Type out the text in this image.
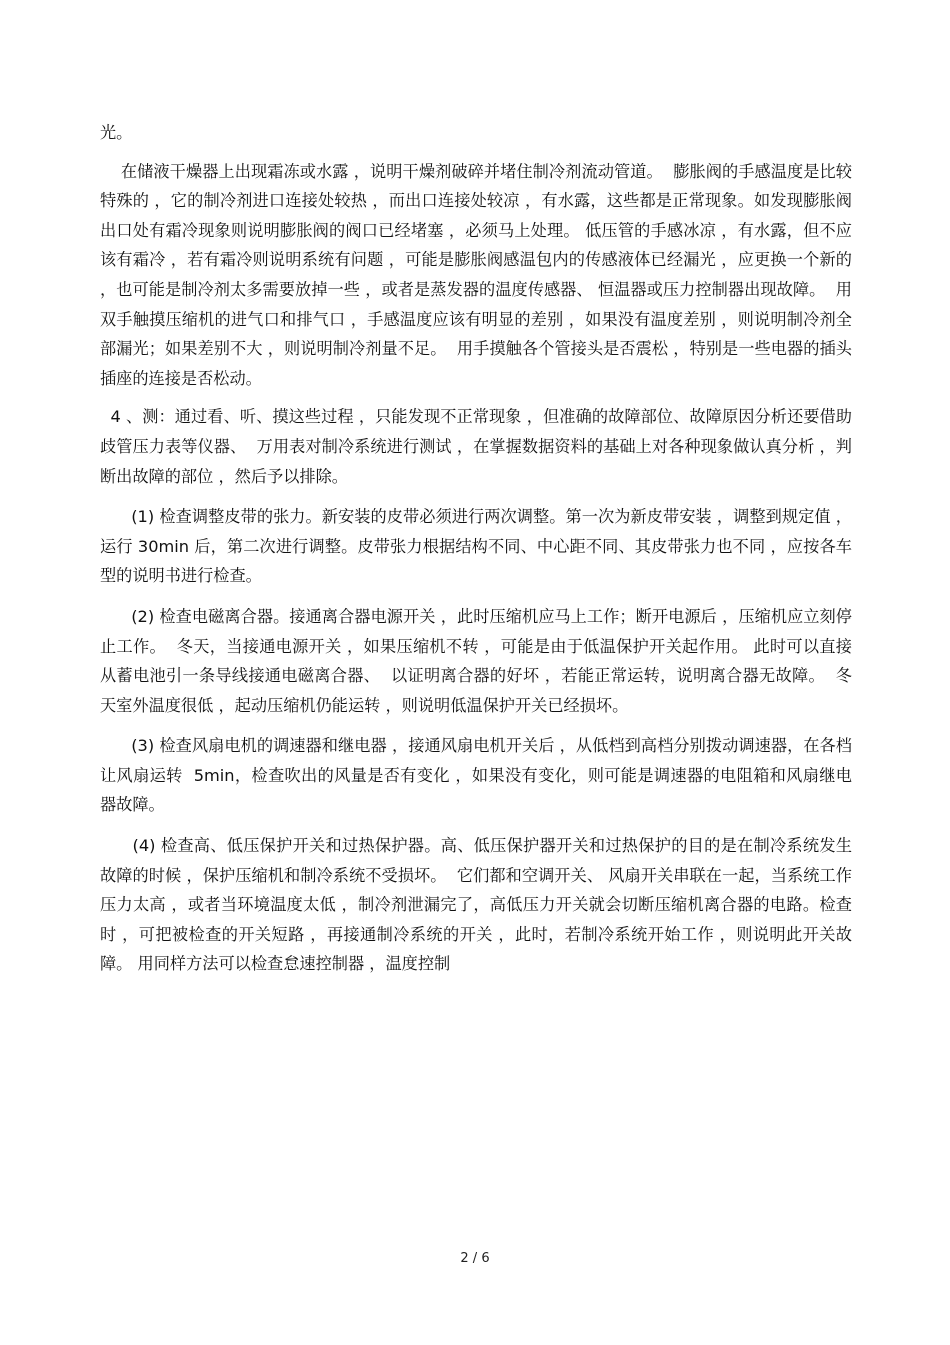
光。

在储液干燥器上出现霜冻或水露 ，说明干燥剂破碎并堵住制冷剂流动管道。  膨胀阀的手感温度是比较特殊的 ，它的制冷剂进口连接处较热 ，而出口连接处较凉 ，有水露，这些都是正常现象。如发现膨胀阀出口处有霜冷现象则说明膨胀阀的阀口已经堵塞 ，必须马上处理。 低压管的手感冰凉 ，有水露，但不应该有霜冷 ，若有霜冷则说明系统有问题 ，可能是膨胀阀感温包内的传感液体已经漏光 ，应更换一个新的 ，也可能是制冷剂太多需要放掉一些 ，或者是蒸发器的温度传感器、 恒温器或压力控制器出现故障。  用双手触摸压缩机的进气口和排气口 ，手感温度应该有明显的差别 ，如果没有温度差别 ，则说明制冷剂全部漏光；如果差别不大 ，则说明制冷剂量不足。  用手摸触各个管接头是否震松 ，特别是一些电器的插头插座的连接是否松动。

4 、测：通过看、听、摸这些过程 ，只能发现不正常现象 ，但准确的故障部位、故障原因分析还要借助歧管压力表等仪器、  万用表对制冷系统进行测试 ，在掌握数据资料的基础上对各种现象做认真分析 ，判断出故障的部位 ，然后予以排除。

(1) 检查调整皮带的张力。新安装的皮带必须进行两次调整。第一次为新皮带安装 ，调整到规定值 ，运行 30min 后，第二次进行调整。皮带张力根据结构不同、中心距不同、其皮带张力也不同 ，应按各车型的说明书进行检查。

(2) 检查电磁离合器。接通离合器电源开关 ，此时压缩机应马上工作；断开电源后 ，压缩机应立刻停止工作。  冬天，当接通电源开关 ，如果压缩机不转 ，可能是由于低温保护开关起作用。 此时可以直接从蓄电池引一条导线接通电磁离合器、  以证明离合器的好坏 ，若能正常运转，说明离合器无故障。  冬天室外温度很低 ，起动压缩机仍能运转 ，则说明低温保护开关已经损坏。

(3) 检查风扇电机的调速器和继电器 ，接通风扇电机开关后 ，从低档到高档分别拨动调速器，在各档让风扇运转  5min，检查吹出的风量是否有变化 ，如果没有变化，则可能是调速器的电阻箱和风扇继电器故障。

(4) 检查高、低压保护开关和过热保护器。高、低压保护器开关和过热保护的目的是在制冷系统发生故障的时候 ，保护压缩机和制冷系统不受损坏。  它们都和空调开关、 风扇开关串联在一起，当系统工作压力太高 ，或者当环境温度太低 ，制冷剂泄漏完了，高低压力开关就会切断压缩机离合器的电路。检查时 ，可把被检查的开关短路 ，再接通制冷系统的开关 ，此时，若制冷系统开始工作 ，则说明此开关故障。 用同样方法可以检查怠速控制器 ，温度控制

2 / 6
